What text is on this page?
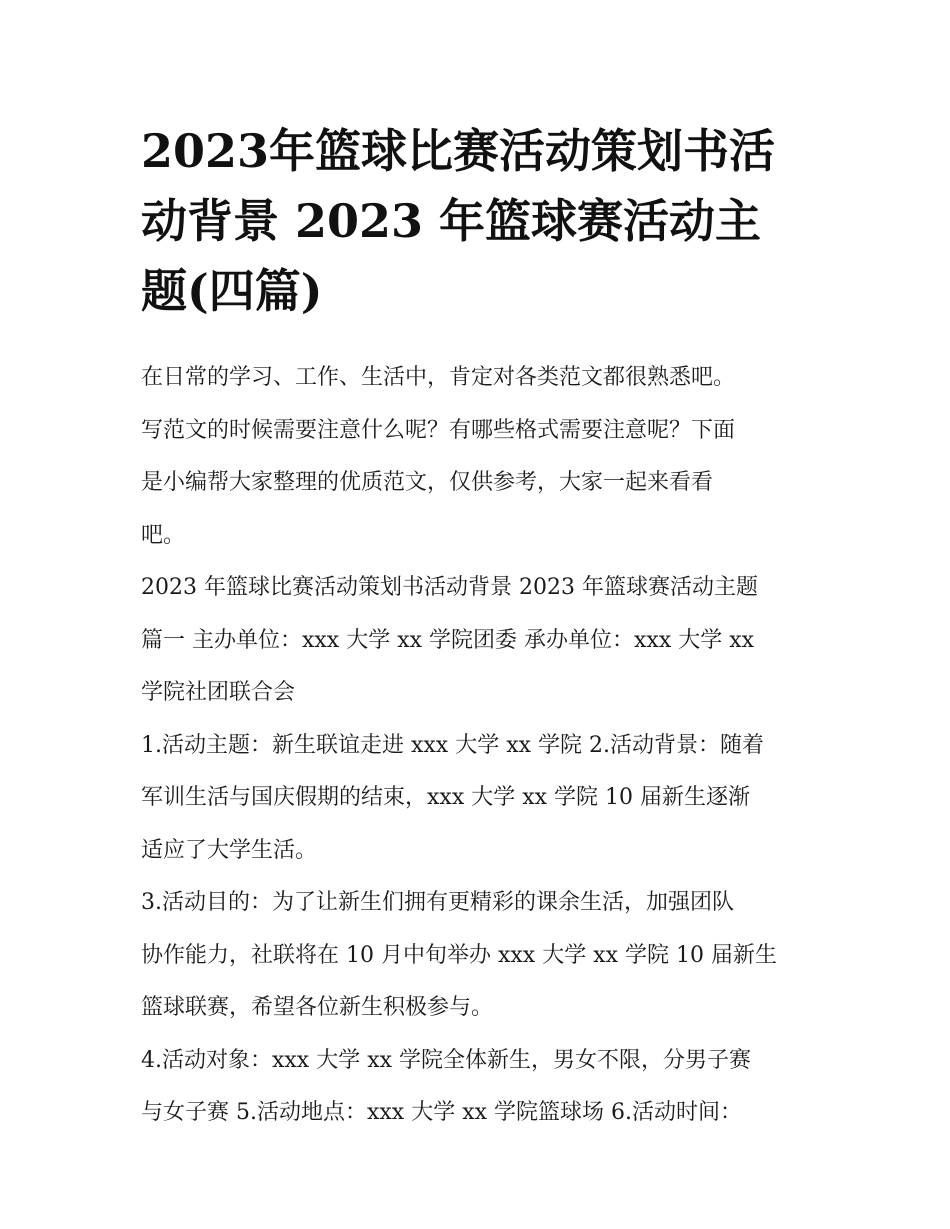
2023年篮球比赛活动策划书活
动背景 2023 年篮球赛活动主
题(四篇)

在日常的学习、工作、生活中，肯定对各类范文都很熟悉吧。
写范文的时候需要注意什么呢？有哪些格式需要注意呢？下面
是小编帮大家整理的优质范文，仅供参考，大家一起来看看
吧。

2023 年篮球比赛活动策划书活动背景 2023 年篮球赛活动主题
篇一 主办单位：xxx 大学 xx 学院团委 承办单位：xxx 大学 xx
学院社团联合会

1.活动主题：新生联谊走进 xxx 大学 xx 学院 2.活动背景：随着
军训生活与国庆假期的结束，xxx 大学 xx 学院 10 届新生逐渐
适应了大学生活。

3.活动目的：为了让新生们拥有更精彩的课余生活，加强团队
协作能力，社联将在 10 月中旬举办 xxx 大学 xx 学院 10 届新生
篮球联赛，希望各位新生积极参与。

4.活动对象：xxx 大学 xx 学院全体新生，男女不限，分男子赛
与女子赛 5.活动地点：xxx 大学 xx 学院篮球场 6.活动时间：
